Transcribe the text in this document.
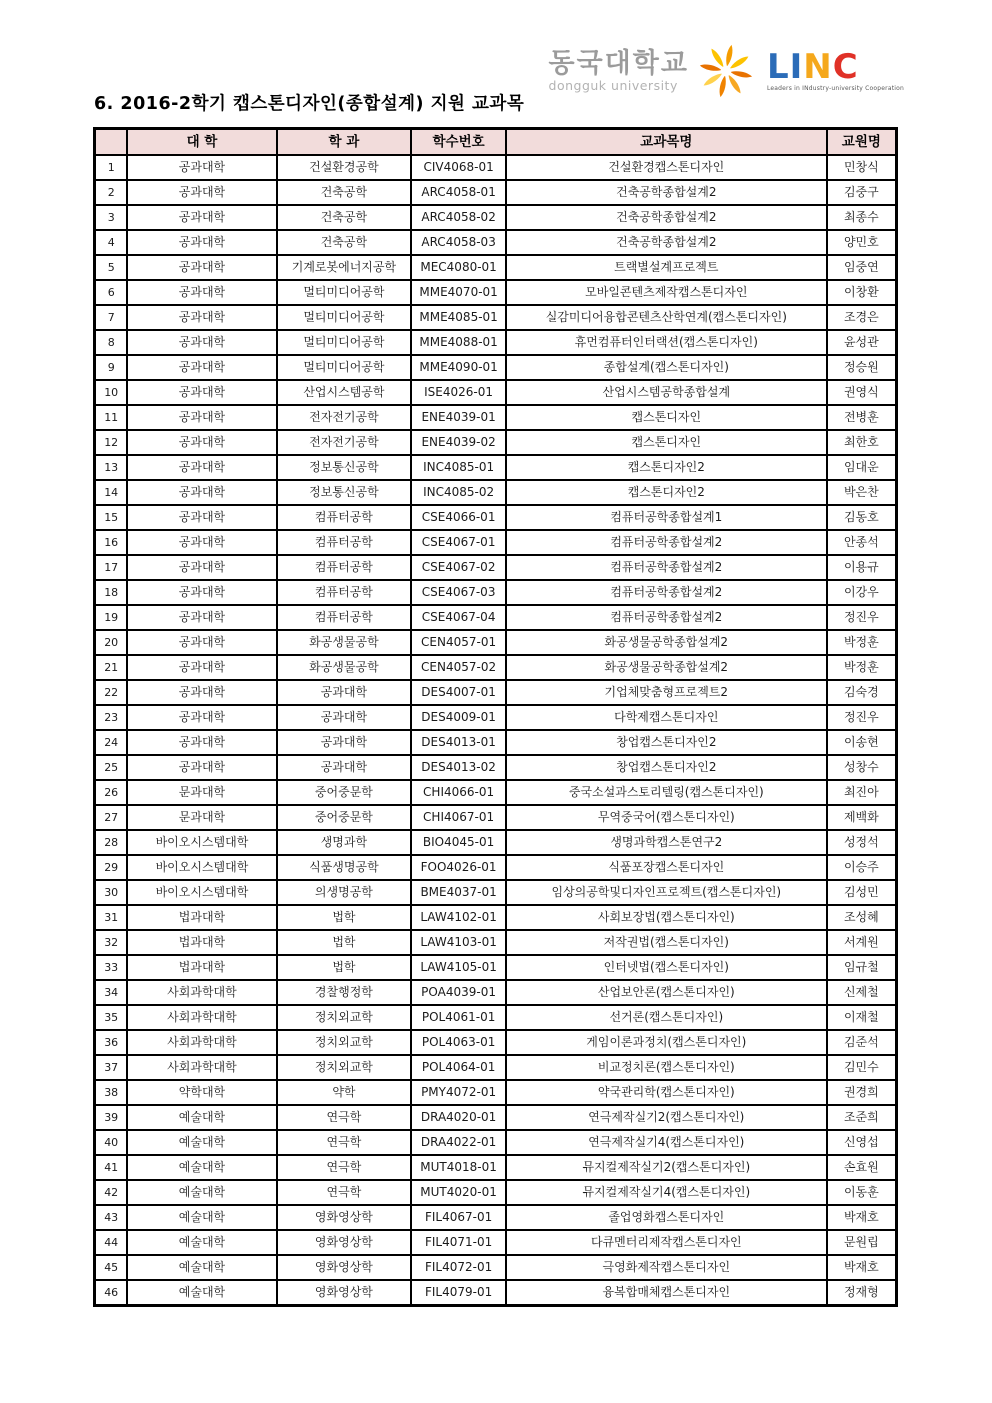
동국대학교
dongguk university	LINC
Leaders in INdustry-university Cooperation
6. 2016-2학기 캡스톤디자인(종합설계) 지원 교과목
	대 학	학 과	학수번호	교과목명	교원명
1	공과대학	건설환경공학	CIV4068-01	건설환경캡스톤디자인	민창식
2	공과대학	건축공학	ARC4058-01	건축공학종합설계2	김중구
3	공과대학	건축공학	ARC4058-02	건축공학종합설계2	최종수
4	공과대학	건축공학	ARC4058-03	건축공학종합설계2	양민호
5	공과대학	기계로봇에너지공학	MEC4080-01	트랙별설계프로젝트	임중연
6	공과대학	멀티미디어공학	MME4070-01	모바일콘텐츠제작캡스톤디자인	이창환
7	공과대학	멀티미디어공학	MME4085-01	실감미디어융합콘텐츠산학연계(캡스톤디자인)	조경은
8	공과대학	멀티미디어공학	MME4088-01	휴먼컴퓨터인터랙션(캡스톤디자인)	윤성관
9	공과대학	멀티미디어공학	MME4090-01	종합설계(캡스톤디자인)	정승원
10	공과대학	산업시스템공학	ISE4026-01	산업시스템공학종합설계	권영식
11	공과대학	전자전기공학	ENE4039-01	캡스톤디자인	전병훈
12	공과대학	전자전기공학	ENE4039-02	캡스톤디자인	최한호
13	공과대학	정보통신공학	INC4085-01	캡스톤디자인2	임대운
14	공과대학	정보통신공학	INC4085-02	캡스톤디자인2	박은찬
15	공과대학	컴퓨터공학	CSE4066-01	컴퓨터공학종합설계1	김동호
16	공과대학	컴퓨터공학	CSE4067-01	컴퓨터공학종합설계2	안종석
17	공과대학	컴퓨터공학	CSE4067-02	컴퓨터공학종합설계2	이용규
18	공과대학	컴퓨터공학	CSE4067-03	컴퓨터공학종합설계2	이강우
19	공과대학	컴퓨터공학	CSE4067-04	컴퓨터공학종합설계2	정진우
20	공과대학	화공생물공학	CEN4057-01	화공생물공학종합설계2	박정훈
21	공과대학	화공생물공학	CEN4057-02	화공생물공학종합설계2	박정훈
22	공과대학	공과대학	DES4007-01	기업체맞춤형프로젝트2	김숙경
23	공과대학	공과대학	DES4009-01	다학제캡스톤디자인	정진우
24	공과대학	공과대학	DES4013-01	창업캡스톤디자인2	이송현
25	공과대학	공과대학	DES4013-02	창업캡스톤디자인2	성창수
26	문과대학	중어중문학	CHI4066-01	중국소설과스토리텔링(캡스톤디자인)	최진아
27	문과대학	중어중문학	CHI4067-01	무역중국어(캡스톤디자인)	제백화
28	바이오시스템대학	생명과학	BIO4045-01	생명과학캡스톤연구2	성정석
29	바이오시스템대학	식품생명공학	FOO4026-01	식품포장캡스톤디자인	이승주
30	바이오시스템대학	의생명공학	BME4037-01	임상의공학및디자인프로젝트(캡스톤디자인)	김성민
31	법과대학	법학	LAW4102-01	사회보장법(캡스톤디자인)	조성혜
32	법과대학	법학	LAW4103-01	저작권법(캡스톤디자인)	서계원
33	법과대학	법학	LAW4105-01	인터넷법(캡스톤디자인)	임규철
34	사회과학대학	경찰행정학	POA4039-01	산업보안론(캡스톤디자인)	신제철
35	사회과학대학	정치외교학	POL4061-01	선거론(캡스톤디자인)	이재철
36	사회과학대학	정치외교학	POL4063-01	게임이론과정치(캡스톤디자인)	김준석
37	사회과학대학	정치외교학	POL4064-01	비교정치론(캡스톤디자인)	김민수
38	약학대학	약학	PMY4072-01	약국관리학(캡스톤디자인)	권경희
39	예술대학	연극학	DRA4020-01	연극제작실기2(캡스톤디자인)	조준희
40	예술대학	연극학	DRA4022-01	연극제작실기4(캡스톤디자인)	신영섭
41	예술대학	연극학	MUT4018-01	뮤지컬제작실기2(캡스톤디자인)	손효원
42	예술대학	연극학	MUT4020-01	뮤지컬제작실기4(캡스톤디자인)	이동훈
43	예술대학	영화영상학	FIL4067-01	졸업영화캡스톤디자인	박재호
44	예술대학	영화영상학	FIL4071-01	다큐멘터리제작캡스톤디자인	문원립
45	예술대학	영화영상학	FIL4072-01	극영화제작캡스톤디자인	박재호
46	예술대학	영화영상학	FIL4079-01	융복합매체캡스톤디자인	정재형
